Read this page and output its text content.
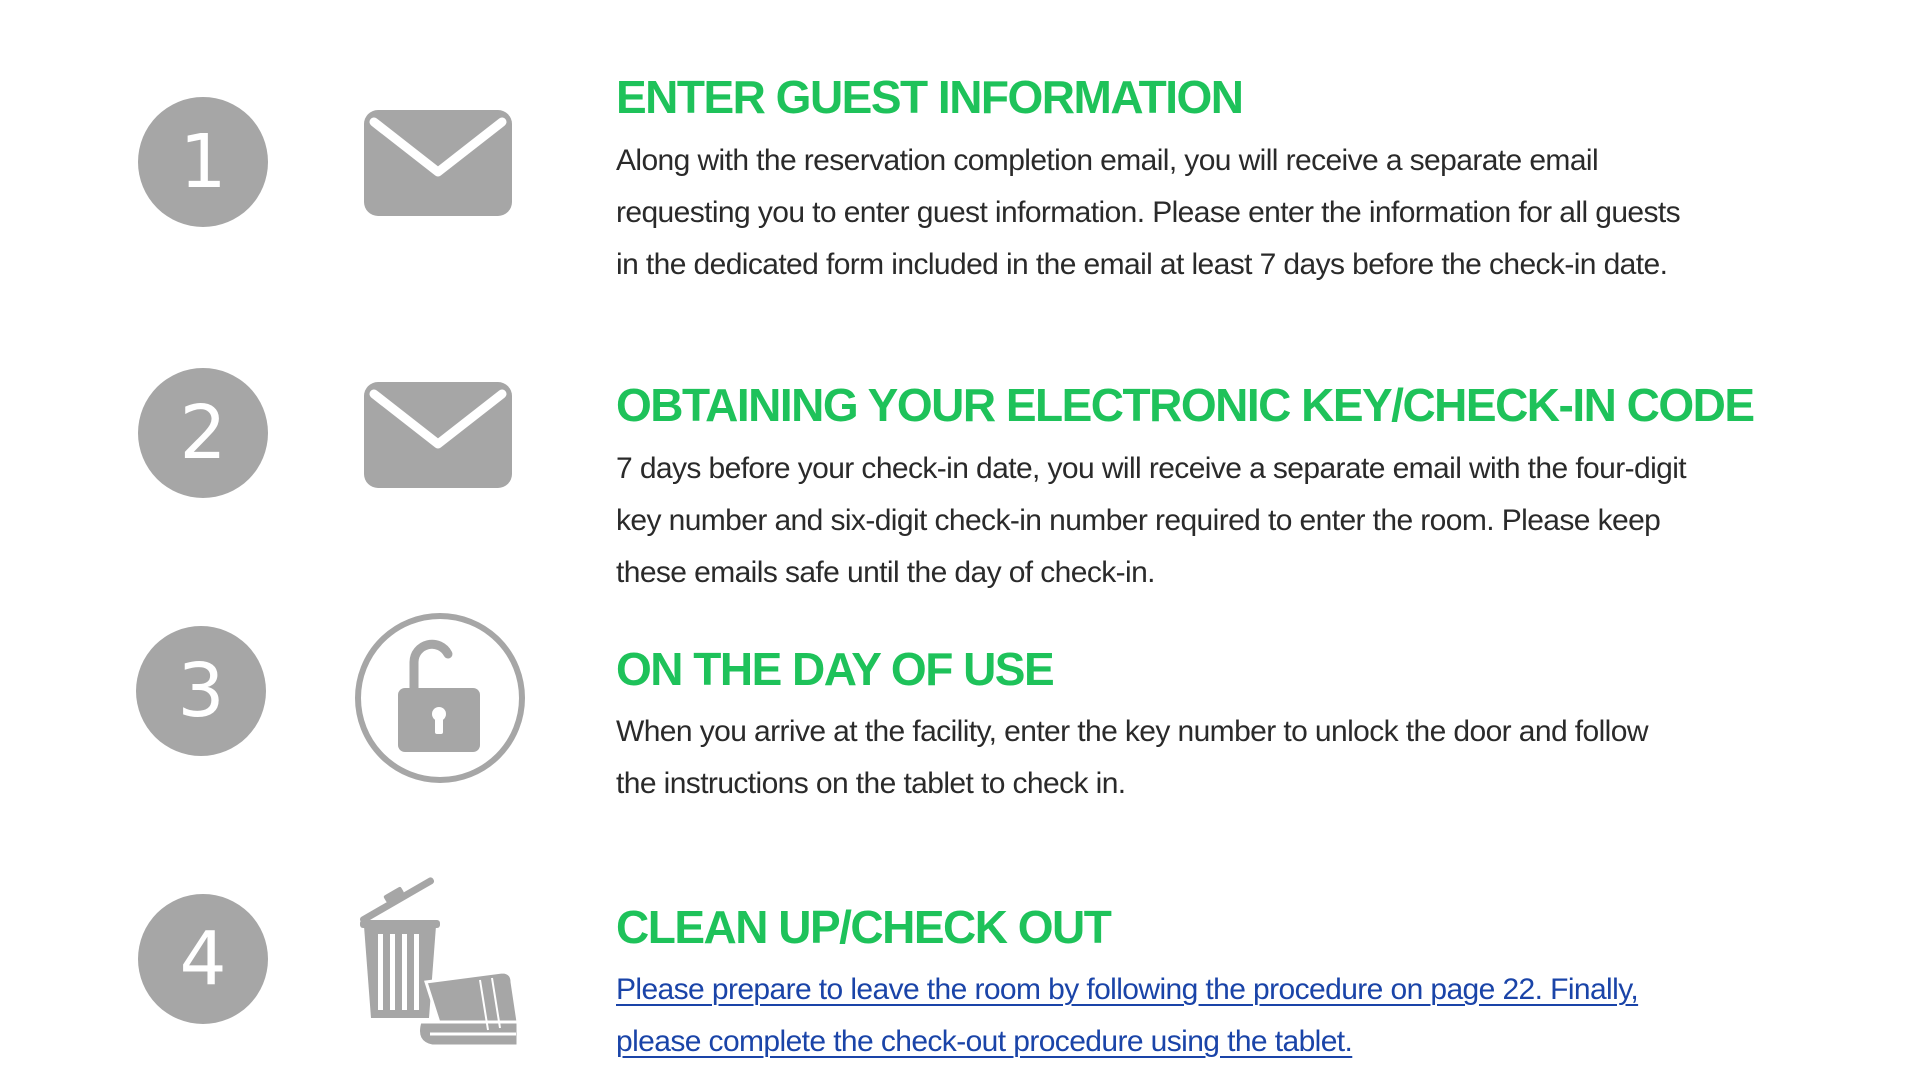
1
ENTER GUEST INFORMATION

Along with the reservation completion email, you will receive a separate email
requesting you to enter guest information. Please enter the information for all guests
in the dedicated form included in the email at least 7 days before the check-in date.

2	OBTAINING YOUR ELECTRONIC KEY/CHECK-IN CODE

7 days before your check-in date, you will receive a separate email with the four-digit
key number and six-digit check-in number required to enter the room. Please keep
these emails safe until the day of check-in.

3	ON THE DAY OF USE

When you arrive at the facility, enter the key number to unlock the door and follow
the instructions on the tablet to check in.

4	CLEAN UP/CHECK OUT

Please prepare to leave the room by following the procedure on page 22. Finally,
please complete the check-out procedure using the tablet.
